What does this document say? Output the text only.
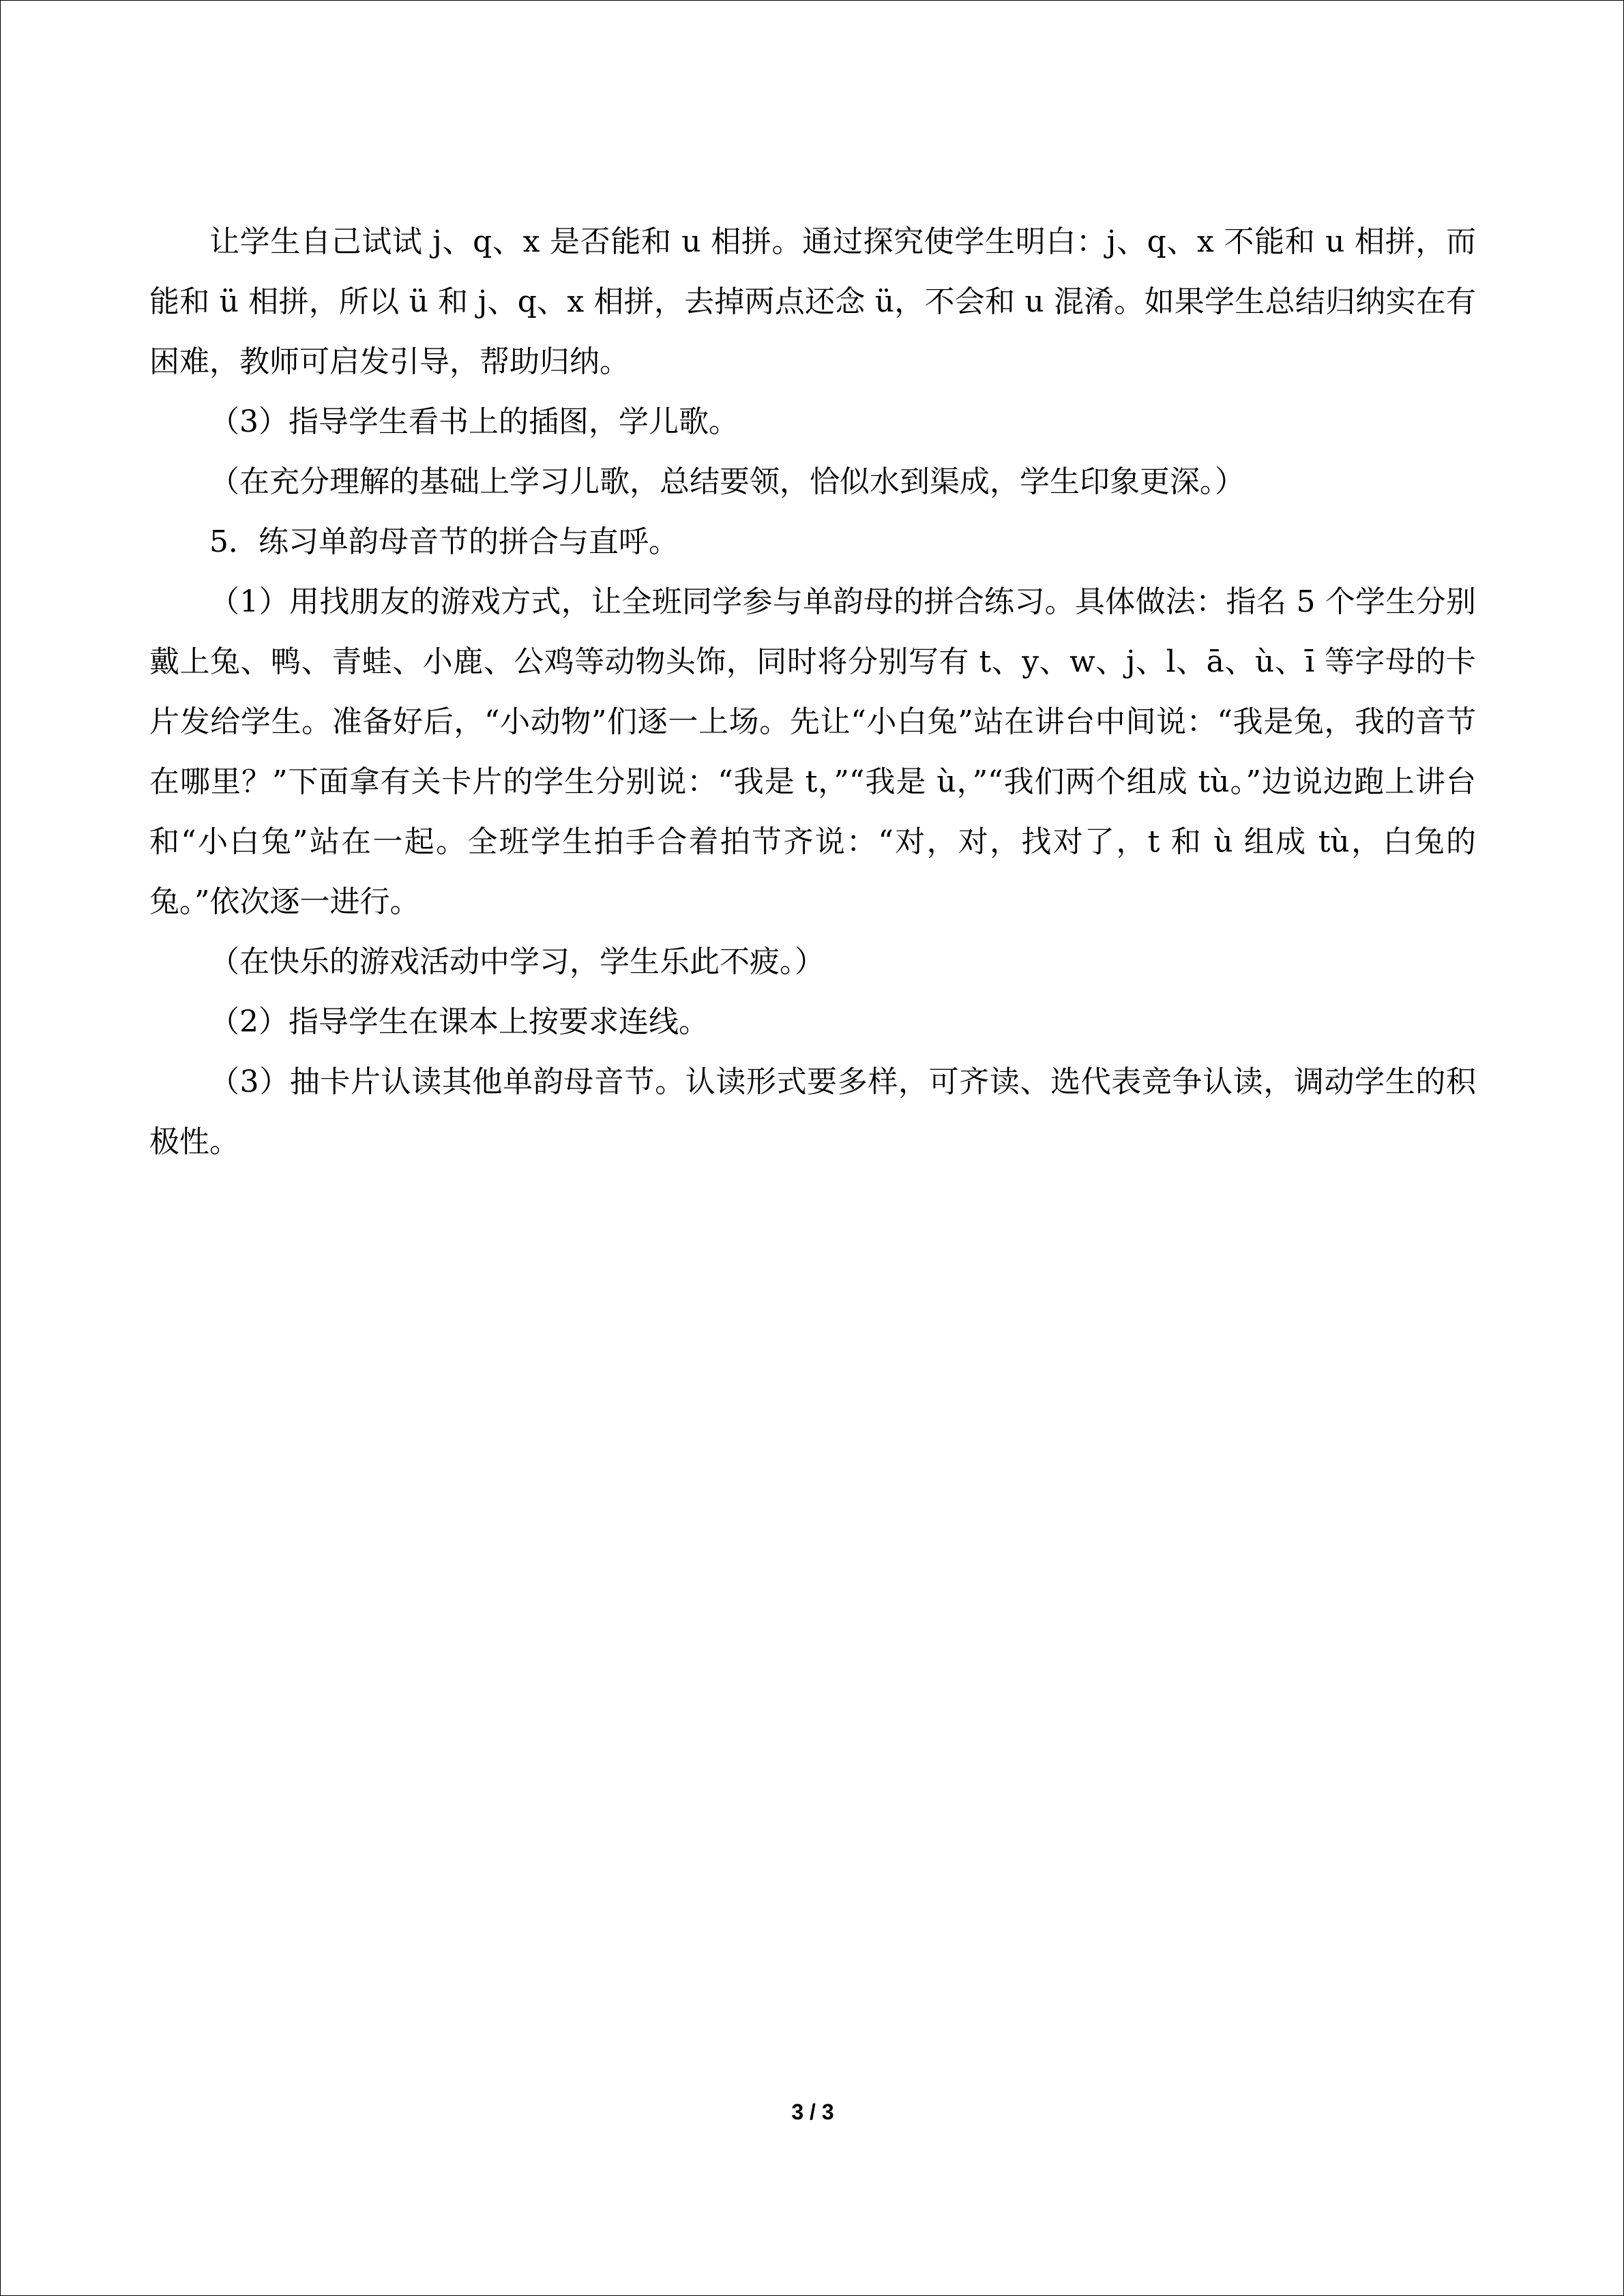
让学生自己试试 j、q、x 是否能和 u 相拼。通过探究使学生明白：j、q、x 不能和 u 相拼，而能和 ü 相拼，所以 ü 和 j、q、x 相拼，去掉两点还念 ü，不会和 u 混淆。如果学生总结归纳实在有困难，教师可启发引导，帮助归纳。

（3）指导学生看书上的插图，学儿歌。

（在充分理解的基础上学习儿歌，总结要领，恰似水到渠成，学生印象更深。）

5．练习单韵母音节的拼合与直呼。

（1）用找朋友的游戏方式，让全班同学参与单韵母的拼合练习。具体做法：指名 5 个学生分别戴上兔、鸭、青蛙、小鹿、公鸡等动物头饰，同时将分别写有 t、y、w、j、l、ā、ù、ī 等字母的卡片发给学生。准备好后，“小动物”们逐一上场。先让“小白兔”站在讲台中间说：“我是兔，我的音节在哪里？”下面拿有关卡片的学生分别说：“我是 t，”“我是 ù，”“我们两个组成 tù。”边说边跑上讲台和“小白兔”站在一起。全班学生拍手合着拍节齐说：“对，对，找对了，t 和 ù 组成 tù，白兔的兔。”依次逐一进行。

（在快乐的游戏活动中学习，学生乐此不疲。）

（2）指导学生在课本上按要求连线。

（3）抽卡片认读其他单韵母音节。认读形式要多样，可齐读、选代表竞争认读，调动学生的积极性。

3 / 3
